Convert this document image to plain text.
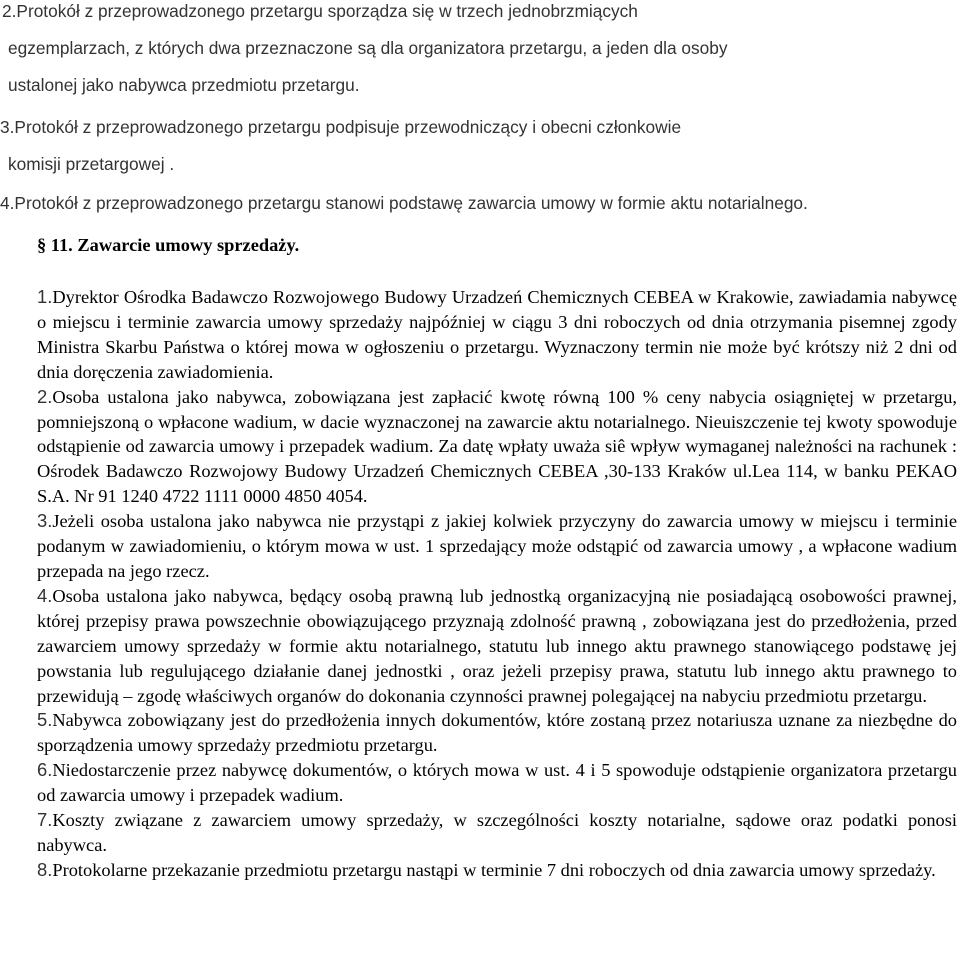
2.Protokół z przeprowadzonego przetargu sporządza się w trzech jednobrzmiących
egzemplarzach, z których dwa przeznaczone są dla organizatora przetargu, a jeden dla osoby
ustalonej jako nabywca przedmiotu przetargu.
3.Protokół z przeprowadzonego przetargu podpisuje przewodniczący i obecni członkowie
komisji przetargowej .
4.Protokół z przeprowadzonego przetargu stanowi podstawę zawarcia umowy w formie aktu notarialnego.
§ 11. Zawarcie umowy sprzedaży.

1.Dyrektor Ośrodka Badawczo Rozwojowego Budowy Urzadzeń Chemicznych CEBEA w Krakowie, zawiadamia nabywcę o miejscu i terminie zawarcia umowy sprzedaży najpóźniej w ciągu 3 dni roboczych od dnia otrzymania pisemnej zgody Ministra Skarbu Państwa o której mowa w ogłoszeniu o przetargu. Wyznaczony termin nie może być krótszy niż 2 dni od dnia doręczenia zawiadomienia.

2.Osoba ustalona jako nabywca, zobowiązana jest zapłacić kwotę równą 100 % ceny nabycia osiągniętej w przetargu, pomniejszoną o wpłacone wadium, w dacie wyznaczonej na zawarcie aktu notarialnego. Nieuiszczenie tej kwoty spowoduje odstąpienie od zawarcia umowy i przepadek wadium. Za datę wpłaty uważa siê wpływ wymaganej należności na rachunek : Ośrodek Badawczo Rozwojowy Budowy Urzadzeń Chemicznych CEBEA ,30-133 Kraków ul.Lea 114, w banku PEKAO S.A. Nr 91 1240 4722 1111 0000 4850 4054.

3.Jeżeli osoba ustalona jako nabywca nie przystąpi z jakiej kolwiek przyczyny do zawarcia umowy w miejscu i terminie podanym w zawiadomieniu, o którym mowa w ust. 1 sprzedający może odstąpić od zawarcia umowy , a wpłacone wadium przepada na jego rzecz.

4.Osoba ustalona jako nabywca, będący osobą prawną lub jednostką organizacyjną nie posiadającą osobowości prawnej, której przepisy prawa powszechnie obowiązującego przyznają zdolność prawną , zobowiązana jest do przedłożenia, przed zawarciem umowy sprzedaży w formie aktu notarialnego, statutu lub innego aktu prawnego stanowiącego podstawę jej powstania lub regulującego działanie danej jednostki , oraz jeżeli przepisy prawa, statutu lub innego aktu prawnego to przewidują – zgodę właściwych organów do dokonania czynności prawnej polegającej na nabyciu przedmiotu przetargu.

5.Nabywca zobowiązany jest do przedłożenia innych dokumentów, które zostaną przez notariusza uznane za niezbędne do sporządzenia umowy sprzedaży przedmiotu przetargu.

6.Niedostarczenie przez nabywcę dokumentów, o których mowa w ust. 4 i 5 spowoduje odstąpienie organizatora przetargu od zawarcia umowy i przepadek wadium.

7.Koszty związane z zawarciem umowy sprzedaży, w szczególności koszty notarialne, sądowe oraz podatki ponosi nabywca.

8.Protokolarne przekazanie przedmiotu przetargu nastąpi w terminie 7 dni roboczych od dnia zawarcia umowy sprzedaży.
